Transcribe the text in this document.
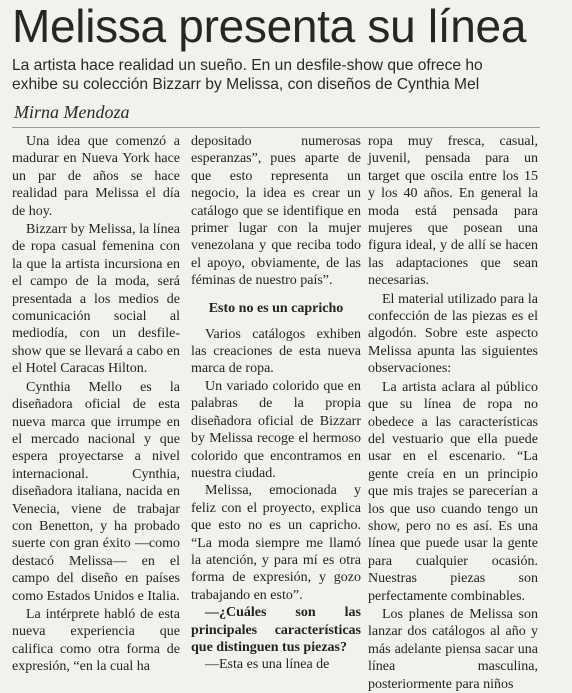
Melissa presenta su línea
La artista hace realidad un sueño. En un desfile-show que ofrece ho
exhibe su colección Bizzarr by Melissa, con diseños de Cynthia Mel
Mirna Mendoza

Una idea que comenzó a madurar en Nueva York hace un par de años se hace realidad para Melissa el día de hoy.

Bizzarr by Melissa, la línea de ropa casual femenina con la que la artista incursiona en el campo de la moda, será presentada a los medios de comunicación social al mediodía, con un desfile-show que se llevará a cabo en el Hotel Caracas Hilton.

Cynthia Mello es la diseñadora oficial de esta nueva marca que irrumpe en el mercado nacional y que espera proyectarse a nivel internacional. Cynthia, diseñadora italiana, nacida en Venecia, viene de trabajar con Benetton, y ha probado suerte con gran éxito —como destacó Melissa— en el campo del diseño en países como Estados Unidos e Italia.

La intérprete habló de esta nueva experiencia que califica como otra forma de expresión, “en la cual ha

depositado numerosas esperanzas”, pues aparte de que esto representa un negocio, la idea es crear un catálogo que se identifique en primer lugar con la mujer venezolana y que reciba todo el apoyo, obviamente, de las féminas de nuestro país”.

Esto no es un capricho

Varios catálogos exhiben las creaciones de esta nueva marca de ropa.

Un variado colorido que en palabras de la propia diseñadora oficial de Bizzarr by Melissa recoge el hermoso colorido que encontramos en nuestra ciudad.

Melissa, emocionada y feliz con el proyecto, explica que esto no es un capricho. “La moda siempre me llamó la atención, y para mí es otra forma de expresión, y gozo trabajando en esto”.

—¿Cuáles son las principales características que distinguen tus piezas?

—Esta es una línea de

ropa muy fresca, casual, juvenil, pensada para un target que oscila entre los 15 y los 40 años. En general la moda está pensada para mujeres que posean una figura ideal, y de allí se hacen las adaptaciones que sean necesarias.

El material utilizado para la confección de las piezas es el algodón. Sobre este aspecto Melissa apunta las siguientes observaciones:

La artista aclara al público que su línea de ropa no obedece a las características del vestuario que ella puede usar en el escenario. “La gente creía en un principio que mis trajes se parecerían a los que uso cuando tengo un show, pero no es así. Es una línea que puede usar la gente para cualquier ocasión. Nuestras piezas son perfectamente combinables.

Los planes de Melissa son lanzar dos catálogos al año y más adelante piensa sacar una línea masculina, posteriormente para niños
